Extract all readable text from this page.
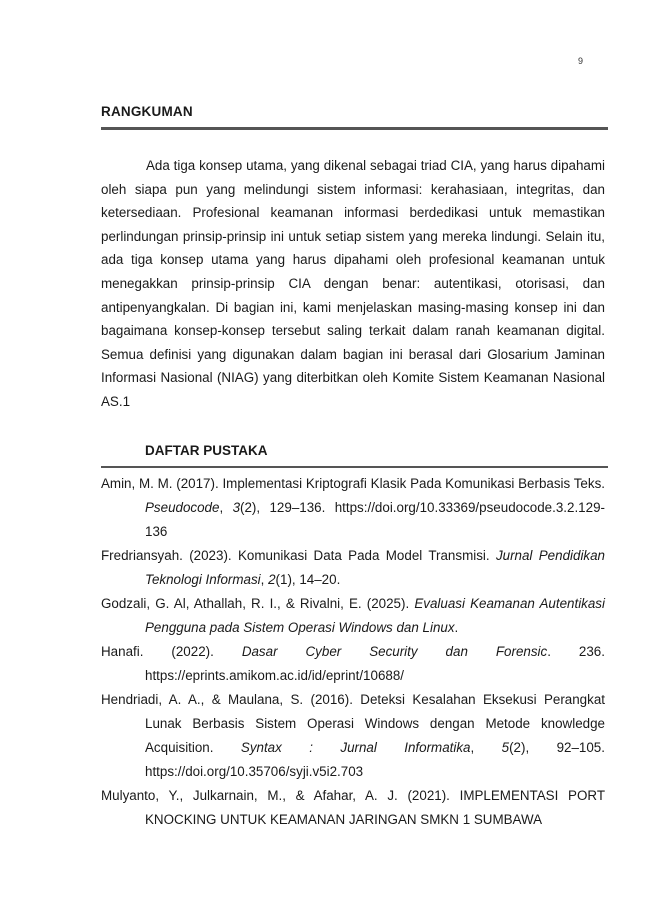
9
RANGKUMAN

Ada tiga konsep utama, yang dikenal sebagai triad CIA, yang harus dipahami oleh siapa pun yang melindungi sistem informasi: kerahasiaan, integritas, dan ketersediaan. Profesional keamanan informasi berdedikasi untuk memastikan perlindungan prinsip-prinsip ini untuk setiap sistem yang mereka lindungi. Selain itu, ada tiga konsep utama yang harus dipahami oleh profesional keamanan untuk menegakkan prinsip-prinsip CIA dengan benar: autentikasi, otorisasi, dan antipenyangkalan. Di bagian ini, kami menjelaskan masing-masing konsep ini dan bagaimana konsep-konsep tersebut saling terkait dalam ranah keamanan digital. Semua definisi yang digunakan dalam bagian ini berasal dari Glosarium Jaminan Informasi Nasional (NIAG) yang diterbitkan oleh Komite Sistem Keamanan Nasional AS.1

DAFTAR PUSTAKA

Amin, M. M. (2017). Implementasi Kriptografi Klasik Pada Komunikasi Berbasis Teks. Pseudocode, 3(2), 129–136. https://doi.org/10.33369/pseudocode.3.2.129-136

Fredriansyah. (2023). Komunikasi Data Pada Model Transmisi. Jurnal Pendidikan Teknologi Informasi, 2(1), 14–20.

Godzali, G. Al, Athallah, R. I., & Rivalni, E. (2025). Evaluasi Keamanan Autentikasi Pengguna pada Sistem Operasi Windows dan Linux.

Hanafi. (2022). Dasar Cyber Security dan Forensic. 236. https://eprints.amikom.ac.id/id/eprint/10688/

Hendriadi, A. A., & Maulana, S. (2016). Deteksi Kesalahan Eksekusi Perangkat Lunak Berbasis Sistem Operasi Windows dengan Metode knowledge Acquisition. Syntax : Jurnal Informatika, 5(2), 92–105. https://doi.org/10.35706/syji.v5i2.703

Mulyanto, Y., Julkarnain, M., & Afahar, A. J. (2021). IMPLEMENTASI PORT KNOCKING UNTUK KEAMANAN JARINGAN SMKN 1 SUMBAWA
